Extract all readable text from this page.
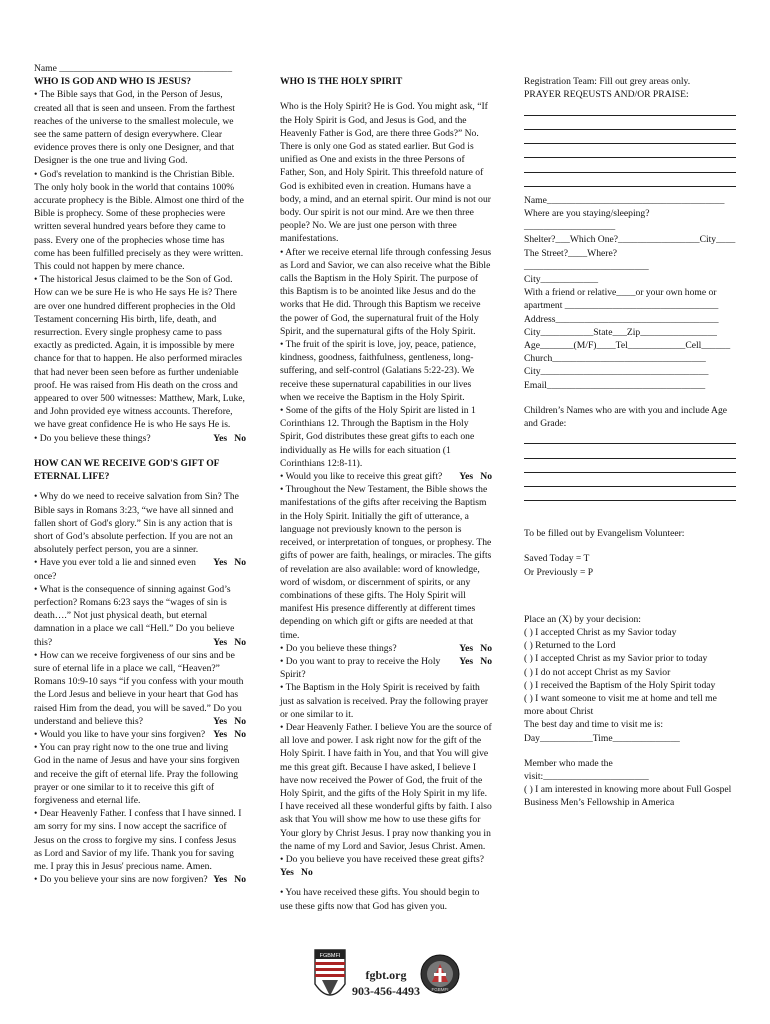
Name ____________________________________

WHO IS GOD AND WHO IS JESUS?

• The Bible says that God, in the Person of Jesus, created all that is seen and unseen. From the farthest reaches of the universe to the smallest molecule, we see the same pattern of design everywhere. Clear evidence proves there is only one Designer, and that Designer is the one true and living God.

• God's revelation to mankind is the Christian Bible. The only holy book in the world that contains 100% accurate prophecy is the Bible. Almost one third of the Bible is prophecy. Some of these prophecies were written several hundred years before they came to pass. Every one of the prophecies whose time has come has been fulfilled precisely as they were written. This could not happen by mere chance.

• The historical Jesus claimed to be the Son of God. How can we be sure He is who He says He is? There are over one hundred different prophecies in the Old Testament concerning His birth, life, death, and resurrection. Every single prophesy came to pass exactly as predicted. Again, it is impossible by mere chance for that to happen. He also performed miracles that had never been seen before as further undeniable proof. He was raised from His death on the cross and appeared to over 500 witnesses: Matthew, Mark, Luke, and John provided eye witness accounts. Therefore, we have great confidence He is who He says He is.

• Do you believe these things?	Yes   No

HOW CAN WE RECEIVE GOD'S GIFT OF ETERNAL LIFE?

• Why do we need to receive salvation from Sin? The Bible says in Romans 3:23, “we have all sinned and fallen short of God's glory.” Sin is any action that is short of God’s absolute perfection. If you are not an absolutely perfect person, you are a sinner.

• Have you ever told a lie and sinned even once?
Yes   No

• What is the consequence of sinning against God’s perfection? Romans 6:23 says the “wages of sin is death….” Not just physical death, but eternal damnation in a place we call “Hell.” Do you believe this?	Yes   No

• How can we receive forgiveness of our sins and be sure of eternal life in a place we call, “Heaven?” Romans 10:9-10 says “if you confess with your mouth the Lord Jesus and believe in your heart that God has raised Him from the dead, you will be saved.” Do you understand and believe this?	Yes   No
• Would you like to have your sins forgiven? Yes   No

• You can pray right now to the one true and living God in the name of Jesus and have your sins forgiven and receive the gift of eternal life. Pray the following prayer or one similar to it to receive this gift of forgiveness and eternal life.

• Dear Heavenly Father. I confess that I have sinned. I am sorry for my sins. I now accept the sacrifice of Jesus on the cross to forgive my sins. I confess Jesus as Lord and Savior of my life. Thank you for saving me. I pray this in Jesus' precious name. Amen.

• Do you believe your sins are now forgiven? Yes   No

WHO IS THE HOLY SPIRIT

Who is the Holy Spirit? He is God. You might ask, “If the Holy Spirit is God, and Jesus is God, and the Heavenly Father is God, are there three Gods?” No. There is only one God as stated earlier. But God is unified as One and exists in the three Persons of Father, Son, and Holy Spirit. This threefold nature of God is exhibited even in creation. Humans have a body, a mind, and an eternal spirit. Our mind is not our body. Our spirit is not our mind. Are we then three people? No. We are just one person with three manifestations.

• After we receive eternal life through confessing Jesus as Lord and Savior, we can also receive what the Bible calls the Baptism in the Holy Spirit. The purpose of this Baptism is to be anointed like Jesus and do the works that He did. Through this Baptism we receive the power of God, the supernatural fruit of the Holy Spirit, and the supernatural gifts of the Holy Spirit.

• The fruit of the spirit is love, joy, peace, patience, kindness, goodness, faithfulness, gentleness, long-suffering, and self-control (Galatians 5:22-23). We receive these supernatural capabilities in our lives when we receive the Baptism in the Holy Spirit.

• Some of the gifts of the Holy Spirit are listed in 1 Corinthians 12. Through the Baptism in the Holy Spirit, God distributes these great gifts to each one individually as He wills for each situation (1 Corinthians 12:8-11).

• Would you like to receive this great gift? Yes   No

• Throughout the New Testament, the Bible shows the manifestations of the gifts after receiving the Baptism in the Holy Spirit. Initially the gift of utterance, a language not previously known to the person is received, or interpretation of tongues, or prophesy. The gifts of power are faith, healings, or miracles. The gifts of revelation are also available: word of knowledge, word of wisdom, or discernment of spirits, or any combinations of these gifts. The Holy Spirit will manifest His presence differently at different times depending on which gift or gifts are needed at that time.

• Do you believe these things?	Yes   No
• Do you want to pray to receive the Holy Spirit?
Yes   No

• The Baptism in the Holy Spirit is received by faith just as salvation is received. Pray the following prayer or one similar to it.

• Dear Heavenly Father. I believe You are the source of all love and power. I ask right now for the gift of the Holy Spirit. I have faith in You, and that You will give me this great gift. Because I have asked, I believe I have now received the Power of God, the fruit of the Holy Spirit, and the gifts of the Holy Spirit in my life. I have received all these wonderful gifts by faith. I also ask that You will show me how to use these gifts for Your glory by Christ Jesus. I pray now thanking you in the name of my Lord and Savior, Jesus Christ. Amen.

• Do you believe you have received these great gifts? Yes   No

• You have received these gifts. You should begin to use these gifts now that God has given you.

Registration Team: Fill out grey areas only.

PRAYER REQEUSTS AND/OR PRAISE:

Name_____________________________________

Where are you staying/sleeping? ___________________

Shelter?___Which One?_________________City____

The Street?____Where?__________________________

City____________

With a friend or relative____or your own home or

apartment ________________________________

Address__________________________________

City___________State___Zip________________

Age_______(M/F)____Tel____________Cell______

Church________________________________

City___________________________________

Email_________________________________

Children’s Names who are with you and include Age and Grade:

To be filled out by Evangelism Volunteer:

Saved Today = T

Or Previously = P

Place an (X) by your decision:

( ) I accepted Christ as my Savior today

( ) Returned to the Lord

( ) I accepted Christ as my Savior prior to today

( ) I do not accept Christ as my Savior

( ) I received the Baptism of the Holy Spirit today

( ) I want someone to visit me at home and tell me more about Christ

The best day and time to visit me is:

Day___________Time______________

Member who made the visit:______________________

( ) I am interested in knowing more about Full Gospel Business Men’s Fellowship in America

FGBMFI
fgbt.org
903-456-4493	FGBMFI
